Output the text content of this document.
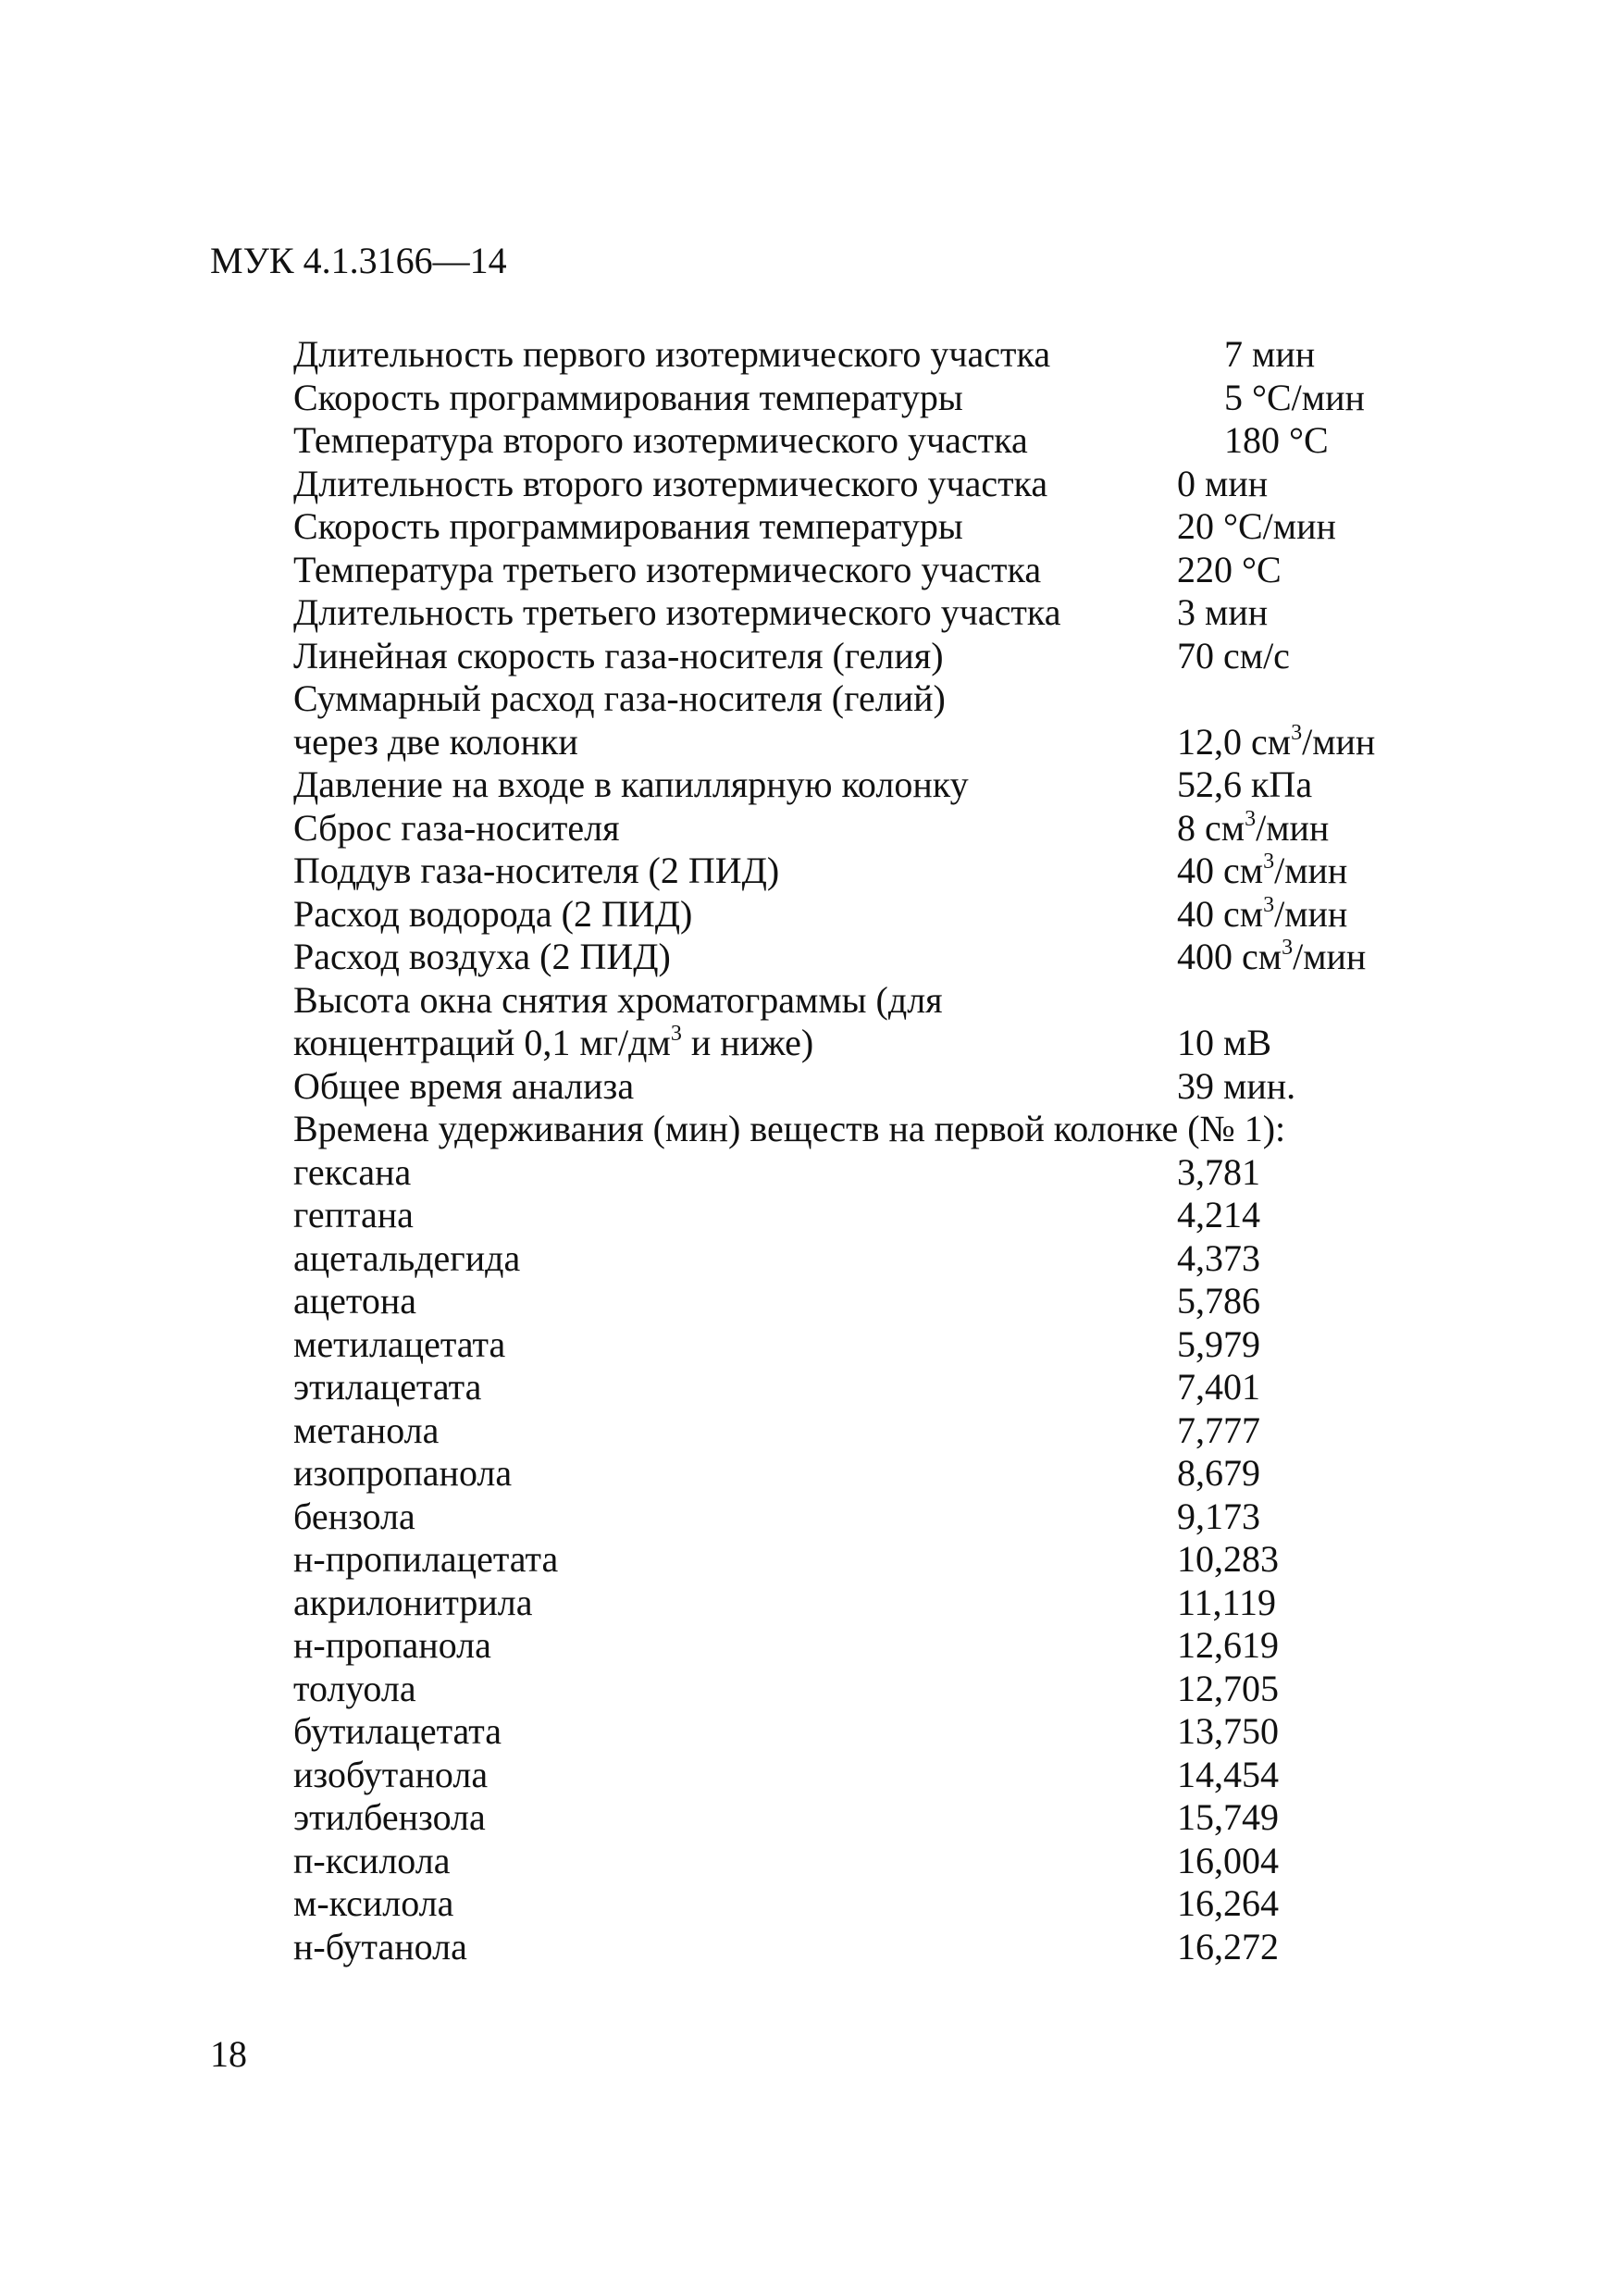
МУК 4.1.3166—14
Длительность первого изотермического участка	7 мин
Скорость программирования температуры	5 °С/мин
Температура второго изотермического участка	180 °С
Длительность второго изотермического участка	0 мин
Скорость программирования температуры	20 °С/мин
Температура третьего изотермического участка	220 °С
Длительность третьего изотермического участка	3 мин
Линейная скорость газа-носителя (гелия)	70 см/с
Суммарный расход газа-носителя (гелий)
через две колонки	12,0 $см^3$/мин
Давление на входе в капиллярную колонку	52,6 кПа
Сброс газа-носителя	8 $см^3$/мин
Поддув газа-носителя (2 ПИД)	40 $см^3$/мин
Расход водорода (2 ПИД)	40 $см^3$/мин
Расход воздуха (2 ПИД)	400 $см^3$/мин
Высота окна снятия хроматограммы (для
концентраций 0,1 $мг/дм^3$ и ниже)	10 мВ
Общее время анализа	39 мин.
Времена удерживания (мин) веществ на первой колонке (№ 1):
гексана	3,781
гептана	4,214
ацетальдегида	4,373
ацетона	5,786
метилацетата	5,979
этилацетата	7,401
метанола	7,777
изопропанола	8,679
бензола	9,173
н-пропилацетата	10,283
акрилонитрила	11,119
н-пропанола	12,619
толуола	12,705
бутилацетата	13,750
изобутанола	14,454
этилбензола	15,749
п-ксилола	16,004
м-ксилола	16,264
н-бутанола	16,272
18
